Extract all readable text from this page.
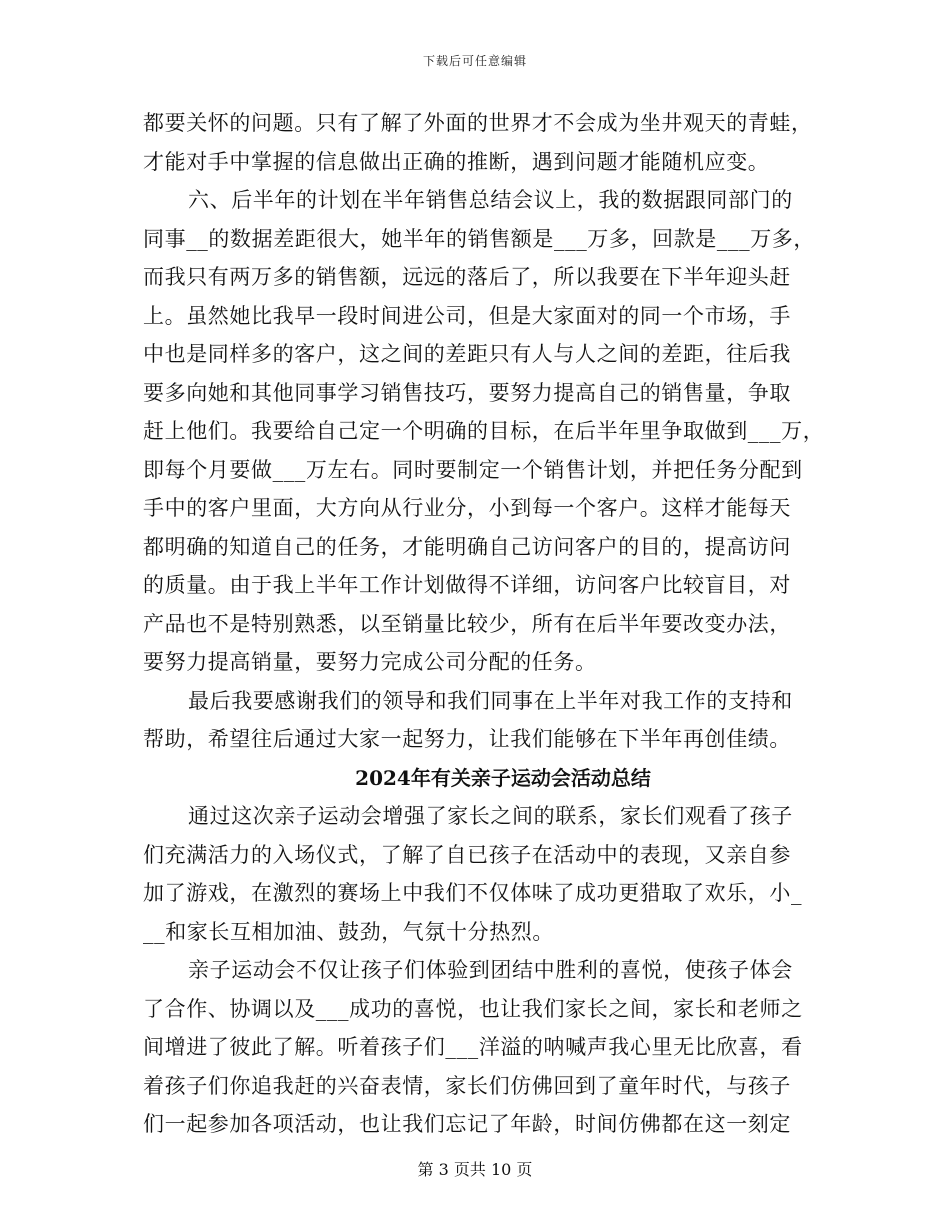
下载后可任意编辑
都要关怀的问题。只有了解了外面的世界才不会成为坐井观天的青蛙，
才能对手中掌握的信息做出正确的推断，遇到问题才能随机应变。
六、后半年的计划在半年销售总结会议上，我的数据跟同部门的
同事__的数据差距很大，她半年的销售额是___万多，回款是___万多，
而我只有两万多的销售额，远远的落后了，所以我要在下半年迎头赶
上。虽然她比我早一段时间进公司，但是大家面对的同一个市场，手
中也是同样多的客户，这之间的差距只有人与人之间的差距，往后我
要多向她和其他同事学习销售技巧，要努力提高自己的销售量，争取
赶上他们。我要给自己定一个明确的目标，在后半年里争取做到___万，
即每个月要做___万左右。同时要制定一个销售计划，并把任务分配到
手中的客户里面，大方向从行业分，小到每一个客户。这样才能每天
都明确的知道自己的任务，才能明确自己访问客户的目的，提高访问
的质量。由于我上半年工作计划做得不详细，访问客户比较盲目，对
产品也不是特别熟悉，以至销量比较少，所有在后半年要改变办法，
要努力提高销量，要努力完成公司分配的任务。
最后我要感谢我们的领导和我们同事在上半年对我工作的支持和
帮助，希望往后通过大家一起努力，让我们能够在下半年再创佳绩。
2024年有关亲子运动会活动总结
通过这次亲子运动会增强了家长之间的联系，家长们观看了孩子
们充满活力的入场仪式，了解了自已孩子在活动中的表现，又亲自参
加了游戏，在激烈的赛场上中我们不仅体味了成功更猎取了欢乐，小_
__和家长互相加油、鼓劲，气氛十分热烈。
亲子运动会不仅让孩子们体验到团结中胜利的喜悦，使孩子体会
了合作、协调以及___成功的喜悦，也让我们家长之间，家长和老师之
间增进了彼此了解。听着孩子们___洋溢的呐喊声我心里无比欣喜，看
着孩子们你追我赶的兴奋表情，家长们仿佛回到了童年时代，与孩子
们一起参加各项活动，也让我们忘记了年龄，时间仿佛都在这一刻定
第 3 页共 10 页
